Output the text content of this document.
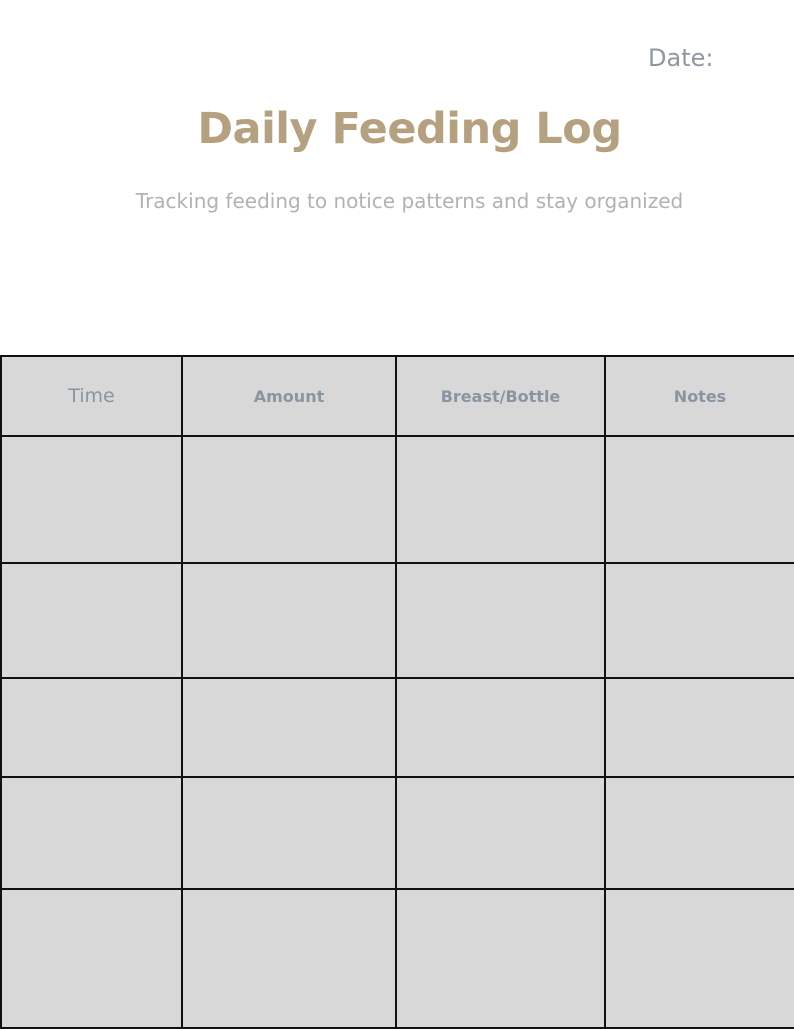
Date:
Daily Feeding Log
Tracking feeding to notice patterns and stay organized
Time	Amount	Breast/Bottle	Notes
